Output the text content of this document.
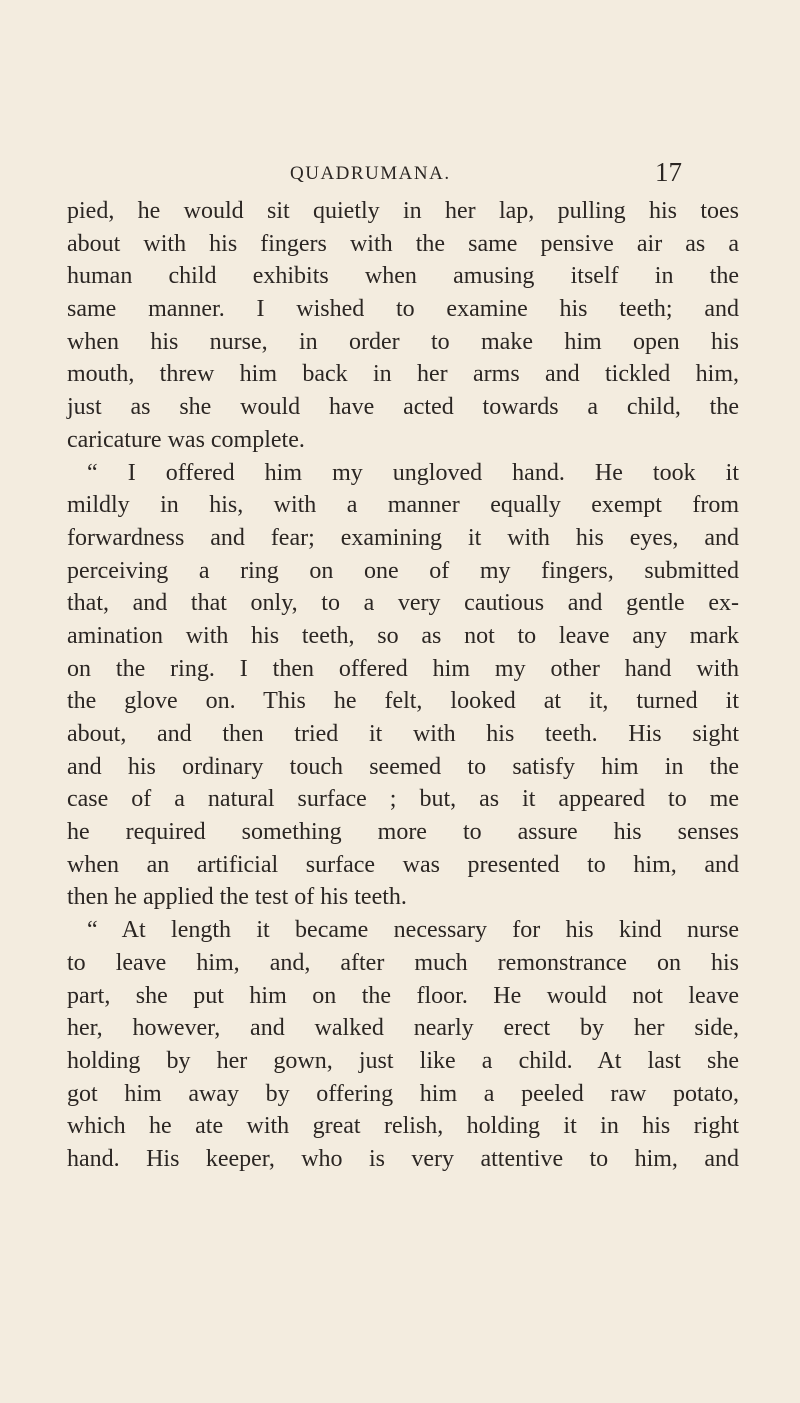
QUADRUMANA.	17
pied, he would sit quietly in her lap, pulling his toes
about with his fingers with the same pensive air as a
human child exhibits when amusing itself in the
same manner. I wished to examine his teeth; and
when his nurse, in order to make him open his
mouth, threw him back in her arms and tickled him,
just as she would have acted towards a child, the
caricature was complete.
“ I offered him my ungloved hand. He took it
mildly in his, with a manner equally exempt from
forwardness and fear; examining it with his eyes, and
perceiving a ring on one of my fingers, submitted
that, and that only, to a very cautious and gentle ex-
amination with his teeth, so as not to leave any mark
on the ring. I then offered him my other hand with
the glove on. This he felt, looked at it, turned it
about, and then tried it with his teeth. His sight
and his ordinary touch seemed to satisfy him in the
case of a natural surface ; but, as it appeared to me
he required something more to assure his senses
when an artificial surface was presented to him, and
then he applied the test of his teeth.
“ At length it became necessary for his kind nurse
to leave him, and, after much remonstrance on his
part, she put him on the floor. He would not leave
her, however, and walked nearly erect by her side,
holding by her gown, just like a child. At last she
got him away by offering him a peeled raw potato,
which he ate with great relish, holding it in his right
hand. His keeper, who is very attentive to him, and
